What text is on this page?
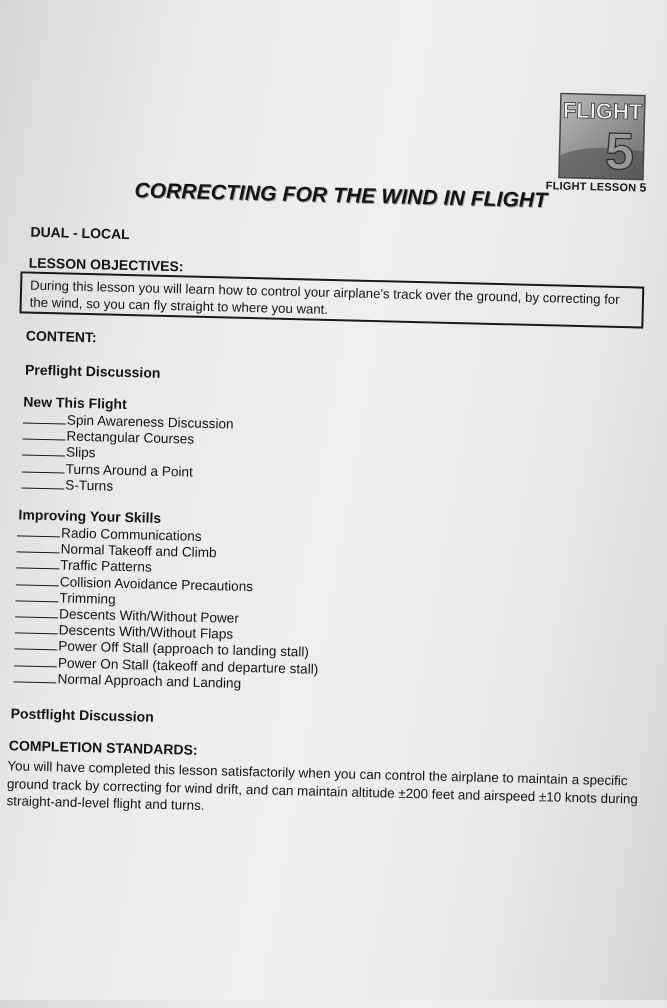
FLIGHT
5
FLIGHT LESSON 5
CORRECTING FOR THE WIND IN FLIGHT
DUAL - LOCAL
LESSON OBJECTIVES:
During this lesson you will learn how to control your airplane's track over the ground, by correcting for the wind, so you can fly straight to where you want.
CONTENT:
Preflight Discussion
New This Flight
Spin Awareness Discussion
Rectangular Courses
Slips
Turns Around a Point
S-Turns
Improving Your Skills
Radio Communications
Normal Takeoff and Climb
Traffic Patterns
Collision Avoidance Precautions
Trimming
Descents With/Without Power
Descents With/Without Flaps
Power Off Stall (approach to landing stall)
Power On Stall (takeoff and departure stall)
Normal Approach and Landing
Postflight Discussion
COMPLETION STANDARDS:
You will have completed this lesson satisfactorily when you can control the airplane to maintain a specific ground track by correcting for wind drift, and can maintain altitude ±200 feet and airspeed ±10 knots during straight-and-level flight and turns.
